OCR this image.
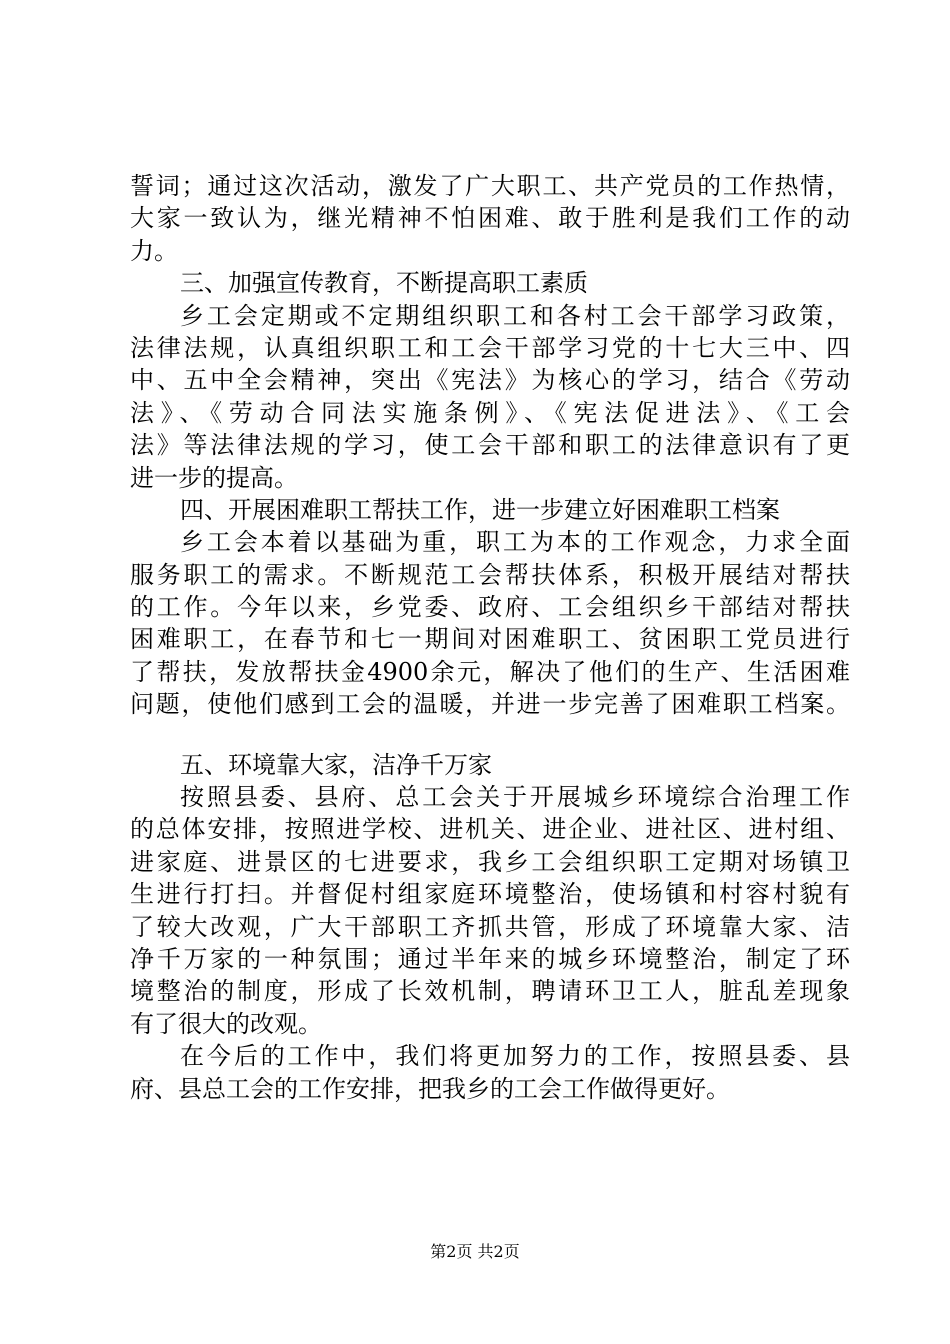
誓词；通过这次活动，激发了广大职工、共产党员的工作热情，
大家一致认为，继光精神不怕困难、敢于胜利是我们工作的动
力。
三、加强宣传教育，不断提高职工素质
乡工会定期或不定期组织职工和各村工会干部学习政策，
法律法规，认真组织职工和工会干部学习党的十七大三中、四
中、五中全会精神，突出《宪法》为核心的学习，结合《劳动
法》、《劳动合同法实施条例》、《宪法促进法》、《工会
法》等法律法规的学习，使工会干部和职工的法律意识有了更
进一步的提高。
四、开展困难职工帮扶工作，进一步建立好困难职工档案
乡工会本着以基础为重，职工为本的工作观念，力求全面
服务职工的需求。不断规范工会帮扶体系，积极开展结对帮扶
的工作。今年以来，乡党委、政府、工会组织乡干部结对帮扶
困难职工，在春节和七一期间对困难职工、贫困职工党员进行
了帮扶，发放帮扶金4900余元，解决了他们的生产、生活困难
问题，使他们感到工会的温暖，并进一步完善了困难职工档案。
五、环境靠大家，洁净千万家
按照县委、县府、总工会关于开展城乡环境综合治理工作
的总体安排，按照进学校、进机关、进企业、进社区、进村组、
进家庭、进景区的七进要求，我乡工会组织职工定期对场镇卫
生进行打扫。并督促村组家庭环境整治，使场镇和村容村貌有
了较大改观，广大干部职工齐抓共管，形成了环境靠大家、洁
净千万家的一种氛围；通过半年来的城乡环境整治，制定了环
境整治的制度，形成了长效机制，聘请环卫工人，脏乱差现象
有了很大的改观。
在今后的工作中，我们将更加努力的工作，按照县委、县
府、县总工会的工作安排，把我乡的工会工作做得更好。
第2页 共2页
